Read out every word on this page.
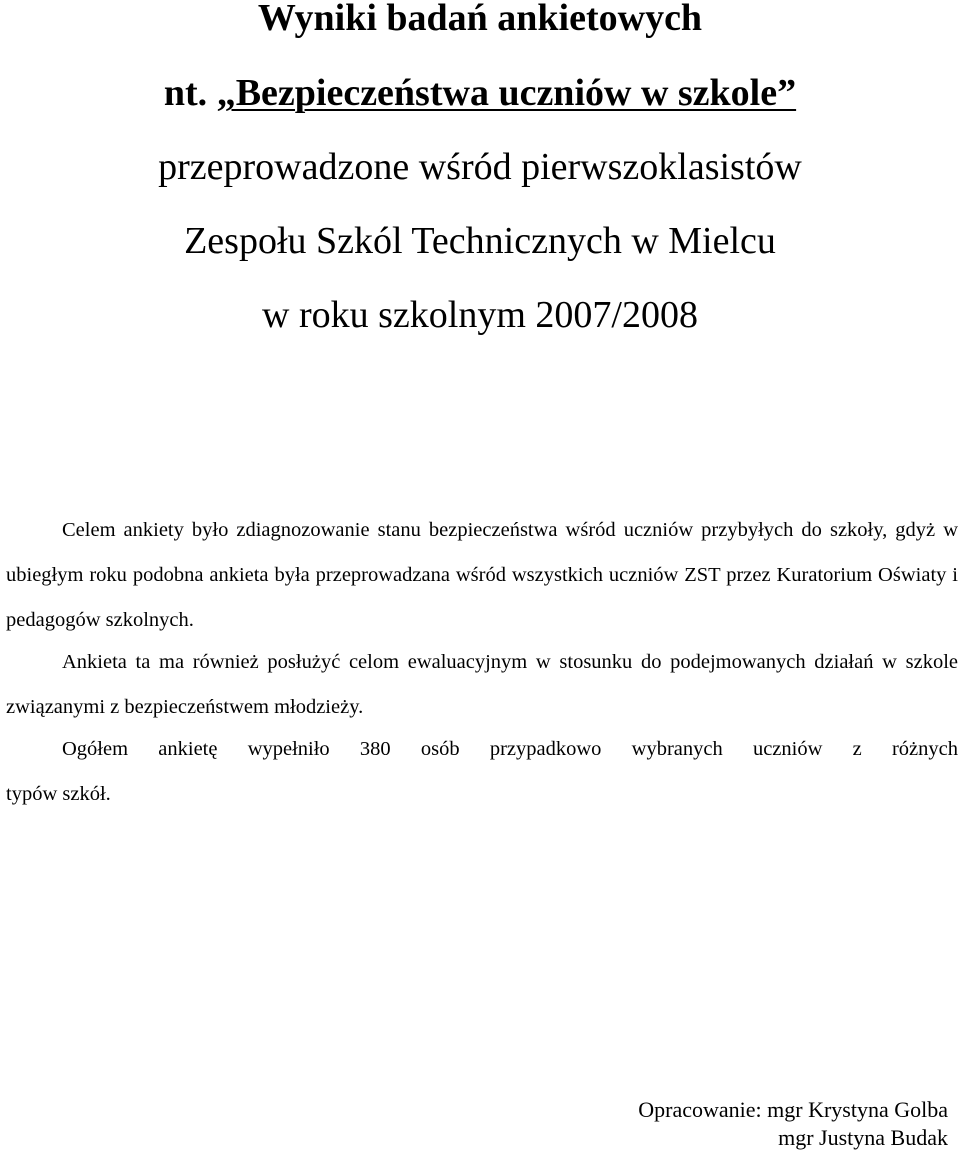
Wyniki badań ankietowych
nt. „Bezpieczeństwa uczniów w szkole”
przeprowadzone wśród pierwszoklasistów
Zespołu Szkól Technicznych w Mielcu
w roku szkolnym 2007/2008

Celem ankiety było zdiagnozowanie stanu bezpieczeństwa wśród uczniów przybyłych do szkoły, gdyż w ubiegłym roku podobna ankieta była przeprowadzana wśród wszystkich uczniów ZST przez Kuratorium Oświaty i pedagogów szkolnych.

Ankieta ta ma również posłużyć celom ewaluacyjnym w stosunku do podejmowanych działań w szkole związanymi z bezpieczeństwem młodzieży.

Ogółem ankietę wypełniło 380 osób przypadkowo wybranych uczniów z różnych
typów szkół.
Opracowanie: mgr Krystyna Golba
mgr Justyna Budak
